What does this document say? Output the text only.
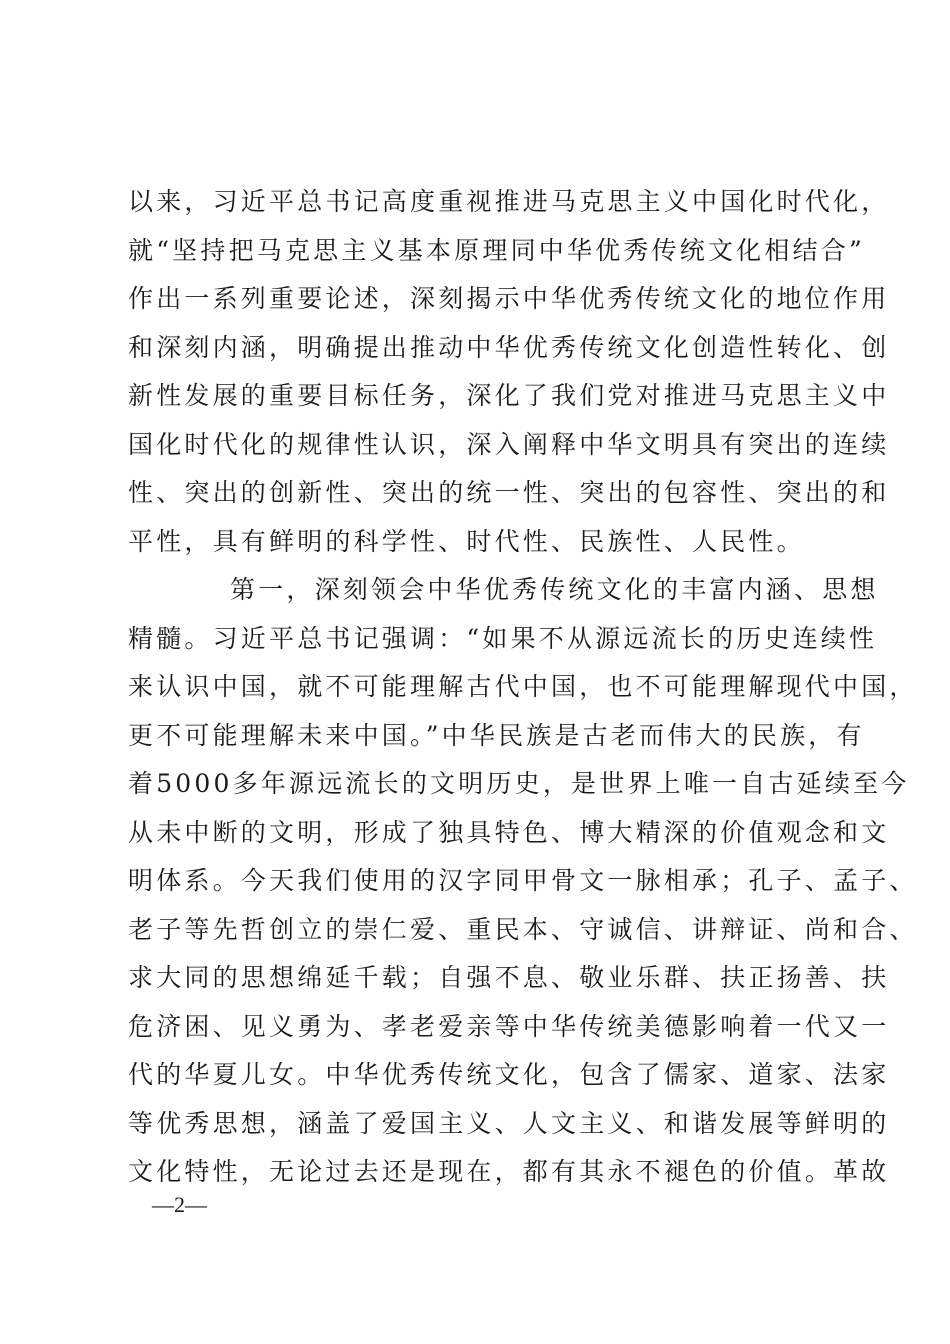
以来，习近平总书记高度重视推进马克思主义中国化时代化，
就“坚持把马克思主义基本原理同中华优秀传统文化相结合”
作出一系列重要论述，深刻揭示中华优秀传统文化的地位作用
和深刻内涵，明确提出推动中华优秀传统文化创造性转化、创
新性发展的重要目标任务，深化了我们党对推进马克思主义中
国化时代化的规律性认识，深入阐释中华文明具有突出的连续
性、突出的创新性、突出的统一性、突出的包容性、突出的和
平性，具有鲜明的科学性、时代性、民族性、人民性。
第一，深刻领会中华优秀传统文化的丰富内涵、思想
精髓。习近平总书记强调：“如果不从源远流长的历史连续性
来认识中国，就不可能理解古代中国，也不可能理解现代中国，
更不可能理解未来中国。”中华民族是古老而伟大的民族，有
着5000多年源远流长的文明历史，是世界上唯一自古延续至今
从未中断的文明，形成了独具特色、博大精深的价值观念和文
明体系。今天我们使用的汉字同甲骨文一脉相承；孔子、孟子、
老子等先哲创立的崇仁爱、重民本、守诚信、讲辩证、尚和合、
求大同的思想绵延千载；自强不息、敬业乐群、扶正扬善、扶
危济困、见义勇为、孝老爱亲等中华传统美德影响着一代又一
代的华夏儿女。中华优秀传统文化，包含了儒家、道家、法家
等优秀思想，涵盖了爱国主义、人文主义、和谐发展等鲜明的
文化特性，无论过去还是现在，都有其永不褪色的价值。革故
—2—
